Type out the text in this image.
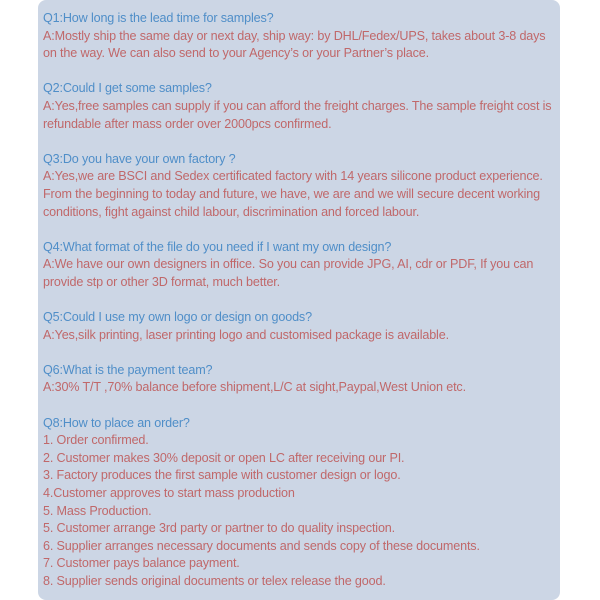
Q1:How long is the lead time for samples?

A:Mostly ship the same day or next day, ship way: by DHL/Fedex/UPS, takes about 3-8 days on the way. We can also send to your Agency’s or your Partner’s place.

Q2:Could I get some samples?

A:Yes,free samples can supply if you can afford the freight charges. The sample freight cost is refundable after mass order over 2000pcs confirmed.

Q3:Do you have your own factory ?

A:Yes,we are BSCI and Sedex certificated factory with 14 years silicone product experience. From the beginning to today and future, we have, we are and we will secure decent working conditions, fight against child labour, discrimination and forced labour.

Q4:What format of the file do you need if I want my own design?

A:We have our own designers in office. So you can provide JPG, AI, cdr or PDF, If you can provide stp or other 3D format, much better.

Q5:Could I use my own logo or design on goods?

A:Yes,silk printing, laser printing logo and customised package is available.

Q6:What is the payment team?

A:30% T/T ,70% balance before shipment,L/C at sight,Paypal,West Union etc.

Q8:How to place an order?

1. Order confirmed.
2. Customer makes 30% deposit or open LC after receiving our PI.
3. Factory produces the first sample with customer design or logo.
4.Customer approves to start mass production
5. Mass Production.
5. Customer arrange 3rd party or partner to do quality inspection.
6. Supplier arranges necessary documents and sends copy of these documents.
7. Customer pays balance payment.
8. Supplier sends original documents or telex release the good.
